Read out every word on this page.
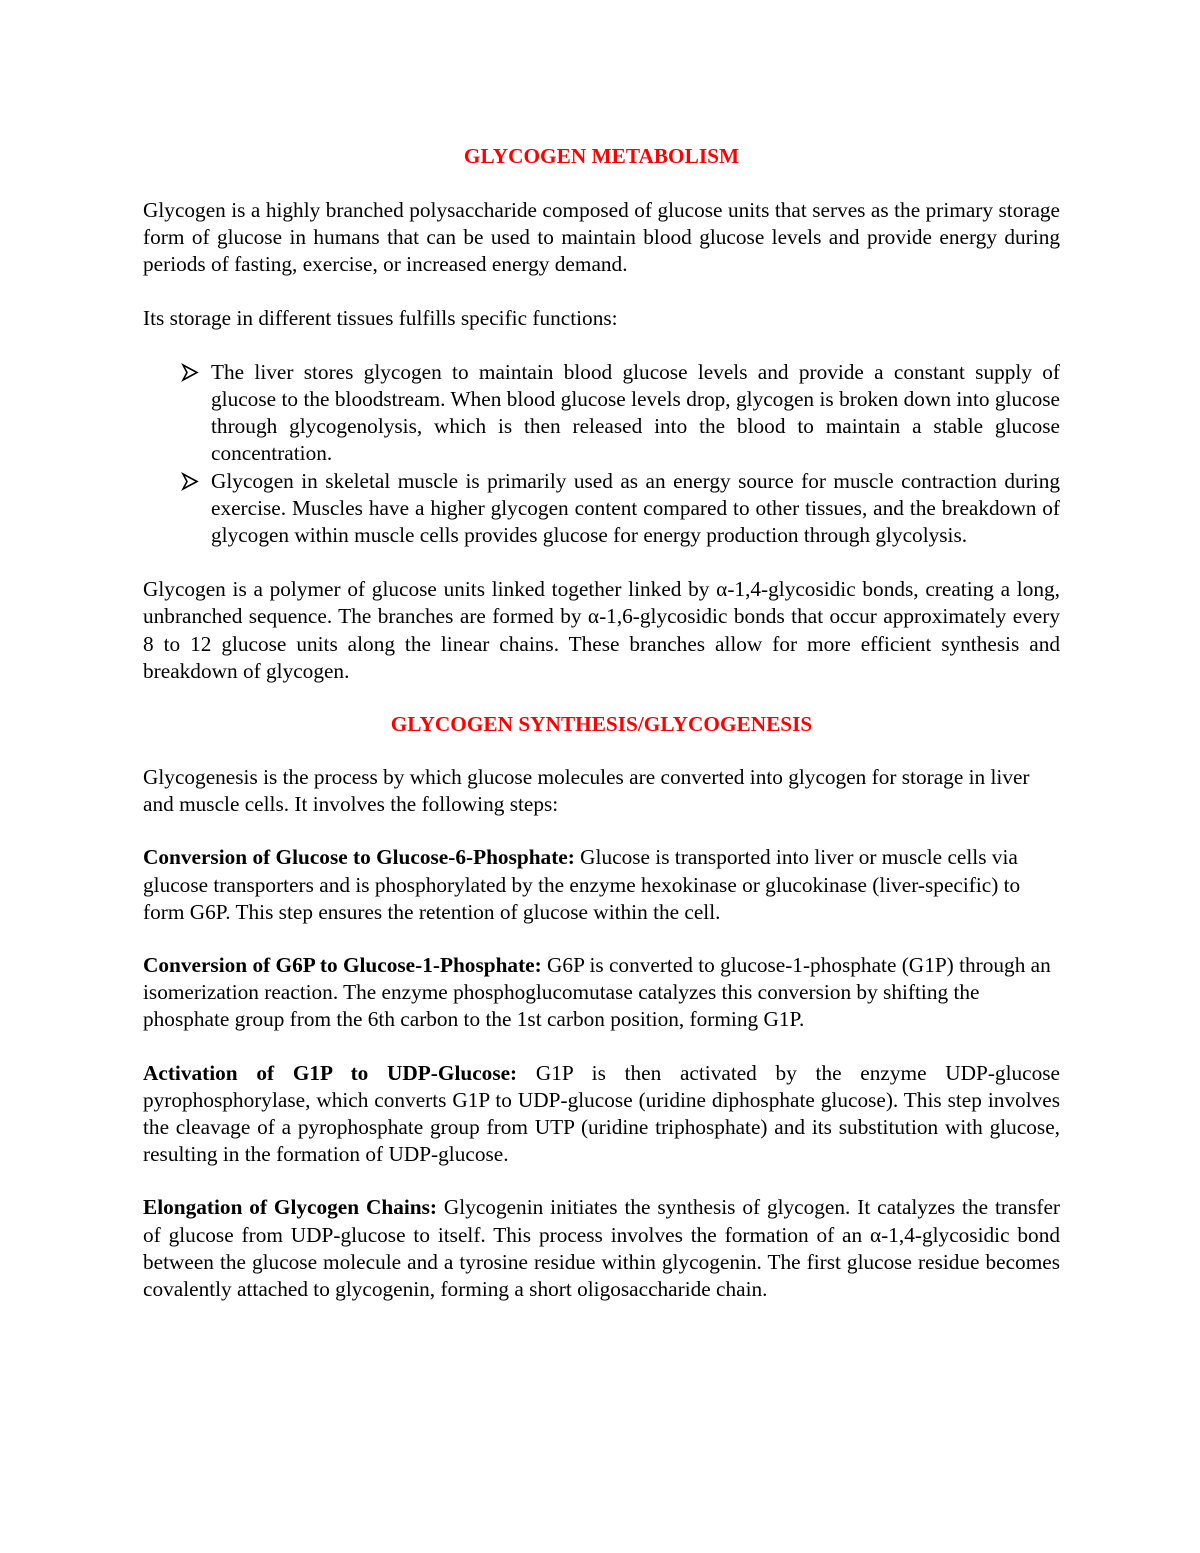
GLYCOGEN METABOLISM

Glycogen is a highly branched polysaccharide composed of glucose units that serves as the primary storage form of glucose in humans that can be used to maintain blood glucose levels and provide energy during periods of fasting, exercise, or increased energy demand.

Its storage in different tissues fulfills specific functions:

The liver stores glycogen to maintain blood glucose levels and provide a constant supply of glucose to the bloodstream. When blood glucose levels drop, glycogen is broken down into glucose through glycogenolysis, which is then released into the blood to maintain a stable glucose concentration.
Glycogen in skeletal muscle is primarily used as an energy source for muscle contraction during exercise. Muscles have a higher glycogen content compared to other tissues, and the breakdown of glycogen within muscle cells provides glucose for energy production through glycolysis.

Glycogen is a polymer of glucose units linked together linked by α-1,4-glycosidic bonds, creating a long, unbranched sequence. The branches are formed by α-1,6-glycosidic bonds that occur approximately every 8 to 12 glucose units along the linear chains. These branches allow for more efficient synthesis and breakdown of glycogen.

GLYCOGEN SYNTHESIS/GLYCOGENESIS

Glycogenesis is the process by which glucose molecules are converted into glycogen for storage in liver and muscle cells. It involves the following steps:

Conversion of Glucose to Glucose-6-Phosphate: Glucose is transported into liver or muscle cells via glucose transporters and is phosphorylated by the enzyme hexokinase or glucokinase (liver-specific) to form G6P. This step ensures the retention of glucose within the cell.

Conversion of G6P to Glucose-1-Phosphate: G6P is converted to glucose-1-phosphate (G1P) through an isomerization reaction. The enzyme phosphoglucomutase catalyzes this conversion by shifting the phosphate group from the 6th carbon to the 1st carbon position, forming G1P.

Activation of G1P to UDP-Glucose: G1P is then activated by the enzyme UDP-glucose pyrophosphorylase, which converts G1P to UDP-glucose (uridine diphosphate glucose). This step involves the cleavage of a pyrophosphate group from UTP (uridine triphosphate) and its substitution with glucose, resulting in the formation of UDP-glucose.

Elongation of Glycogen Chains: Glycogenin initiates the synthesis of glycogen. It catalyzes the transfer of glucose from UDP-glucose to itself. This process involves the formation of an α-1,4-glycosidic bond between the glucose molecule and a tyrosine residue within glycogenin. The first glucose residue becomes covalently attached to glycogenin, forming a short oligosaccharide chain.
